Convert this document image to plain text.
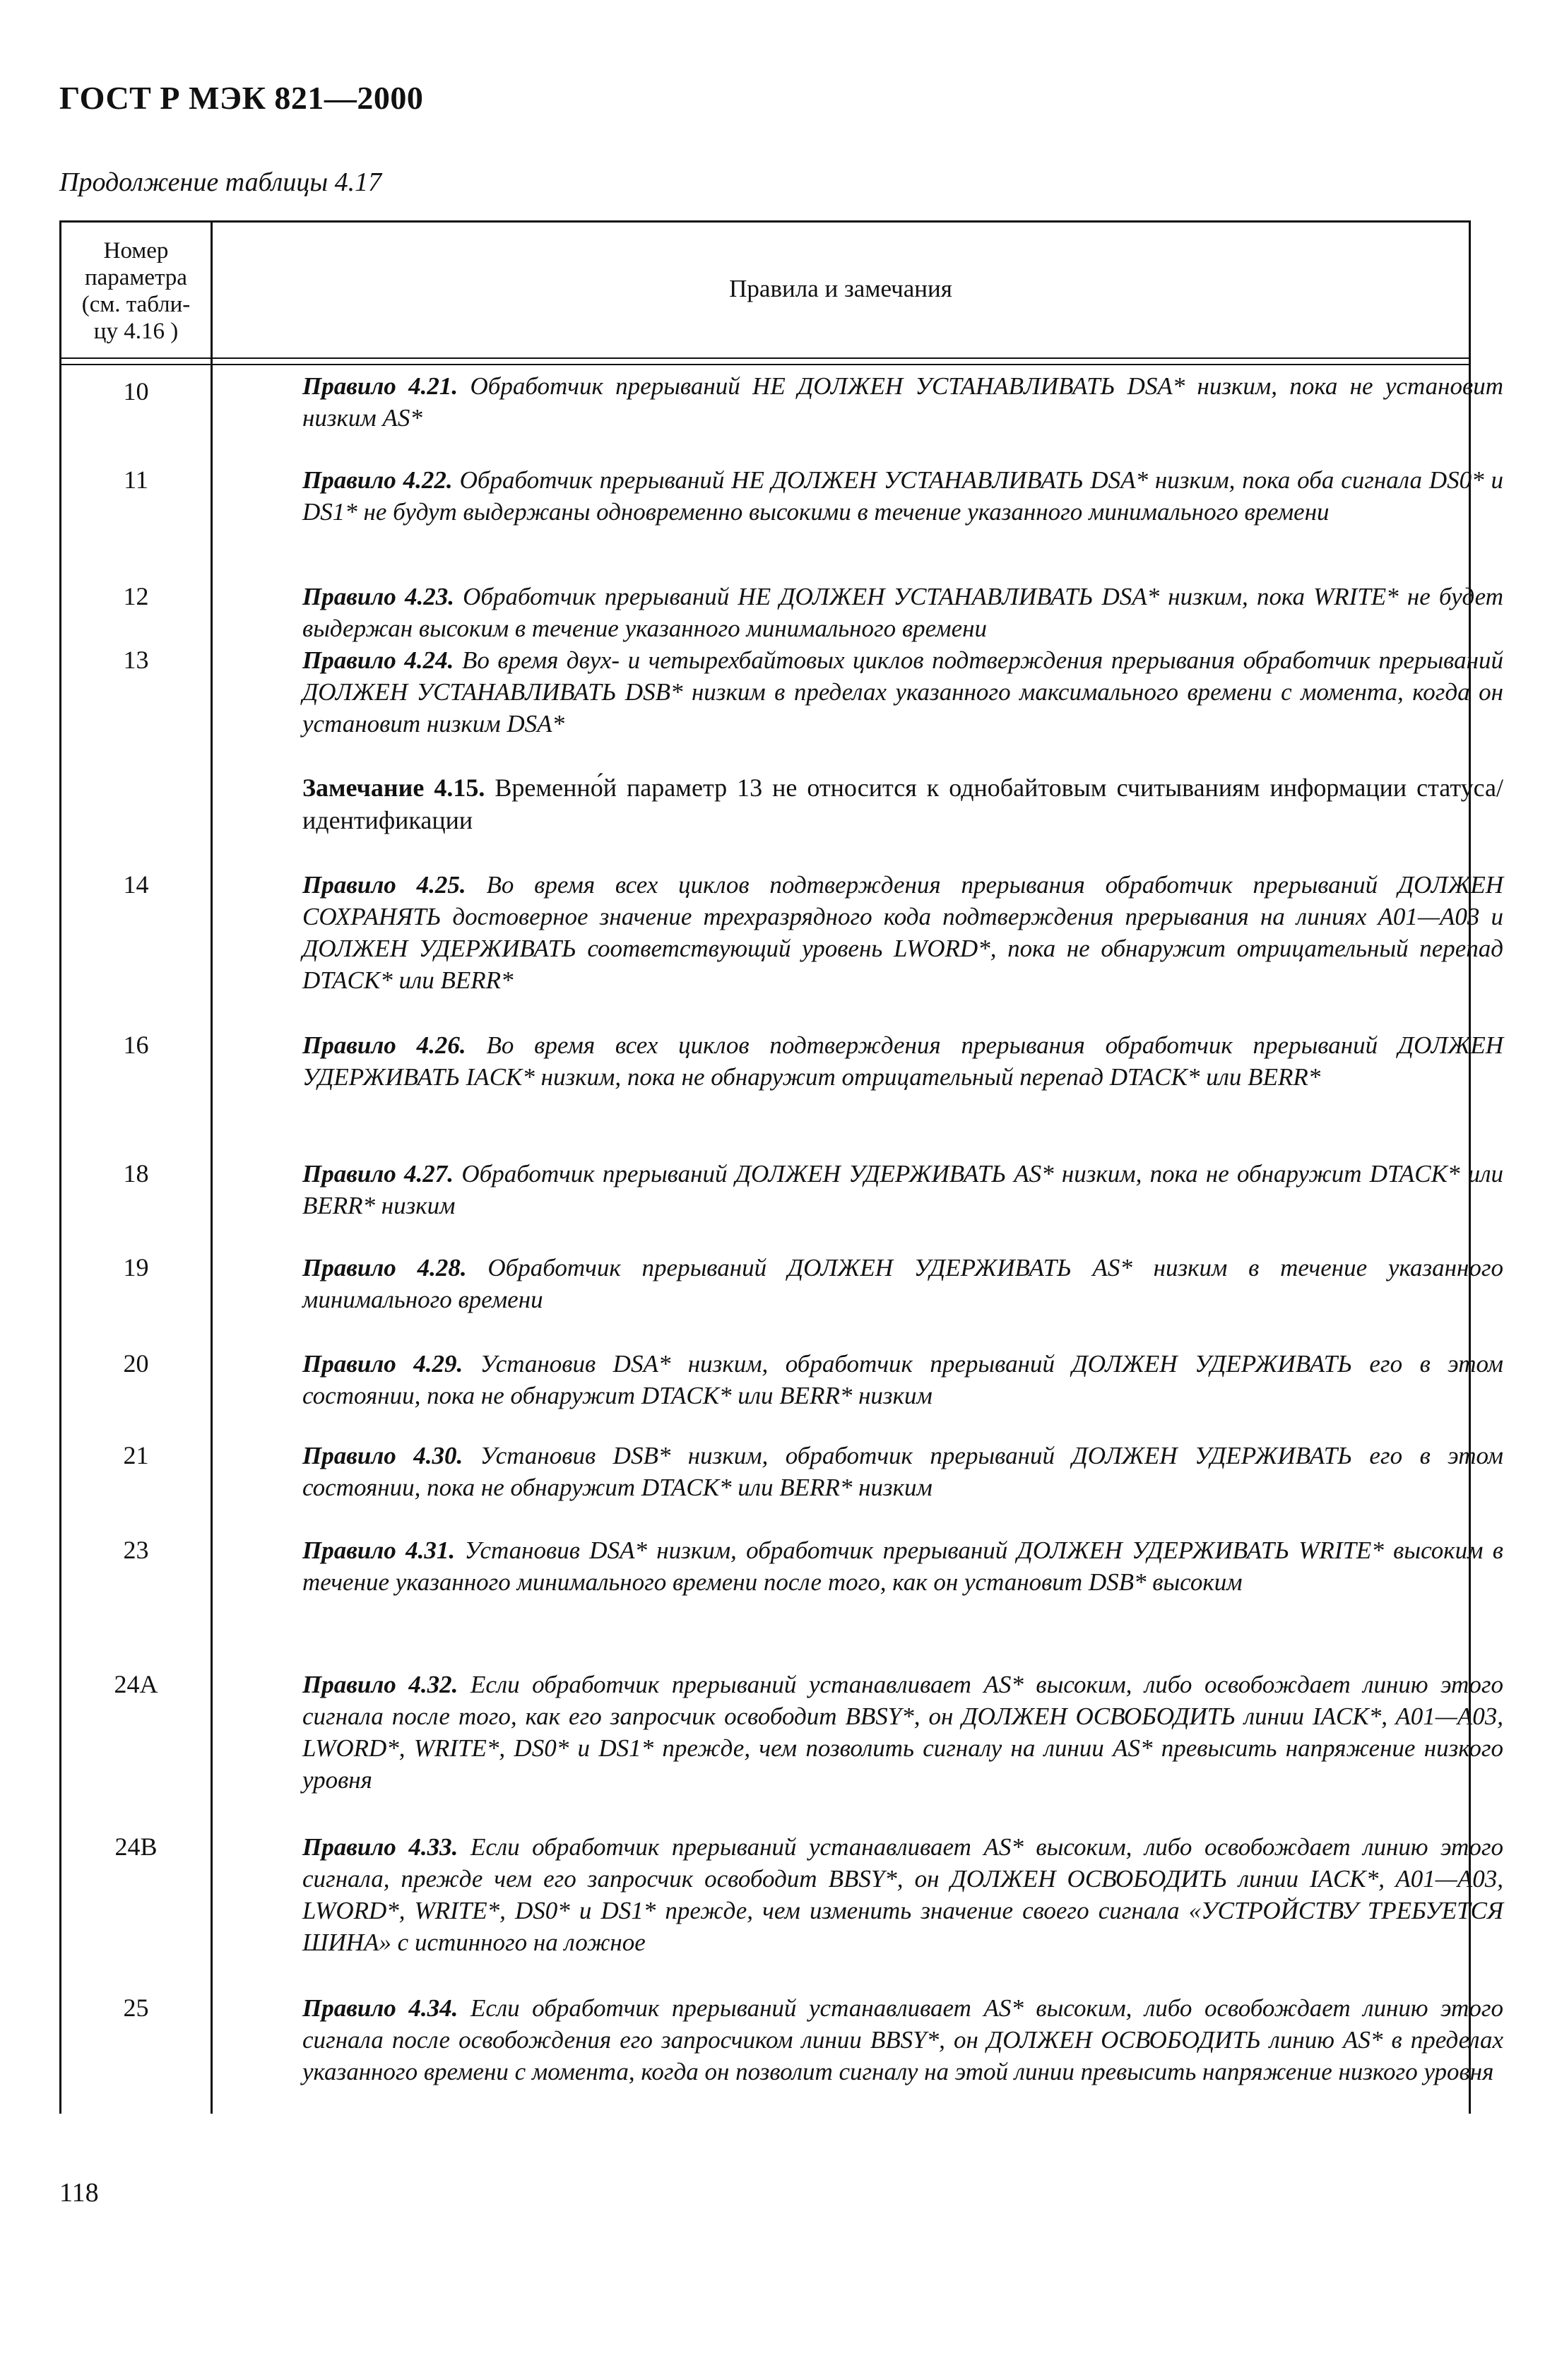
ГОСТ Р МЭК 821—2000
Продолжение таблицы 4.17
Номер
параметра
(см. табли-
цу 4.16 )
Правила и замечания
10
11
12
13
14
16
18
19
20
21
23
24A
24B
25
Правило 4.21. Обработчик прерываний НЕ ДОЛЖЕН УСТАНАВЛИВАТЬ DSA* низким, пока не установит низким AS*
Правило 4.22. Обработчик прерываний НЕ ДОЛЖЕН УСТАНАВЛИВАТЬ DSA* низким, пока оба сигнала DS0* и DS1* не будут выдержаны одновременно высокими в течение указанного минимального времени
Правило 4.23. Обработчик прерываний НЕ ДОЛЖЕН УСТАНАВЛИВАТЬ DSA* низким, пока WRITE* не будет выдержан высоким в течение указанного минимального времени
Правило 4.24. Во время двух- и четырехбайтовых циклов подтверждения прерывания обработчик прерываний ДОЛЖЕН УСТАНАВЛИВАТЬ DSB* низким в пределах указанного максимального времени с момента, когда он установит низким DSA*
Замечание 4.15. Временно́й параметр 13 не относится к однобайтовым считываниям информации статуса/идентификации
Правило 4.25. Во время всех циклов подтверждения прерывания обработчик прерываний ДОЛЖЕН СОХРАНЯТЬ достоверное значение трехразрядного кода подтверждения прерывания на линиях A01—A03 и ДОЛЖЕН УДЕРЖИВАТЬ соответствующий уровень LWORD*, пока не обнаружит отрицательный перепад DTACK* или BERR*
Правило 4.26. Во время всех циклов подтверждения прерывания обработчик прерываний ДОЛЖЕН УДЕРЖИВАТЬ IACK* низким, пока не обнаружит отрицательный перепад DTACK* или BERR*
Правило 4.27. Обработчик прерываний ДОЛЖЕН УДЕРЖИВАТЬ AS* низким, пока не обнаружит DTACK* или BERR* низким
Правило 4.28. Обработчик прерываний ДОЛЖЕН УДЕРЖИВАТЬ AS* низким в течение указанного минимального времени
Правило 4.29. Установив DSA* низким, обработчик прерываний ДОЛЖЕН УДЕРЖИВАТЬ его в этом состоянии, пока не обнаружит DTACK* или BERR* низким
Правило 4.30. Установив DSB* низким, обработчик прерываний ДОЛЖЕН УДЕРЖИВАТЬ его в этом состоянии, пока не обнаружит DTACK* или BERR* низким
Правило 4.31. Установив DSA* низким, обработчик прерываний ДОЛЖЕН УДЕРЖИВАТЬ WRITE* высоким в течение указанного минимального времени после того, как он установит DSB* высоким
Правило 4.32. Если обработчик прерываний устанавливает AS* высоким, либо освобождает линию этого сигнала после того, как его запросчик освободит BBSY*, он ДОЛЖЕН ОСВОБОДИТЬ линии IACK*, A01—A03, LWORD*, WRITE*, DS0* и DS1* прежде, чем позволить сигналу на линии AS* превысить напряжение низкого уровня
Правило 4.33. Если обработчик прерываний устанавливает AS* высоким, либо освобождает линию этого сигнала, прежде чем его запросчик освободит BBSY*, он ДОЛЖЕН ОСВОБОДИТЬ линии IACK*, A01—A03, LWORD*, WRITE*, DS0* и DS1* прежде, чем изменить значение своего сигнала «УСТРОЙСТВУ ТРЕБУЕТСЯ ШИНА» с истинного на ложное
Правило 4.34. Если обработчик прерываний устанавливает AS* высоким, либо освобождает линию этого сигнала после освобождения его запросчиком линии BBSY*, он ДОЛЖЕН ОСВОБОДИТЬ линию AS* в пределах указанного времени с момента, когда он позволит сигналу на этой линии превысить напряжение низкого уровня
118
